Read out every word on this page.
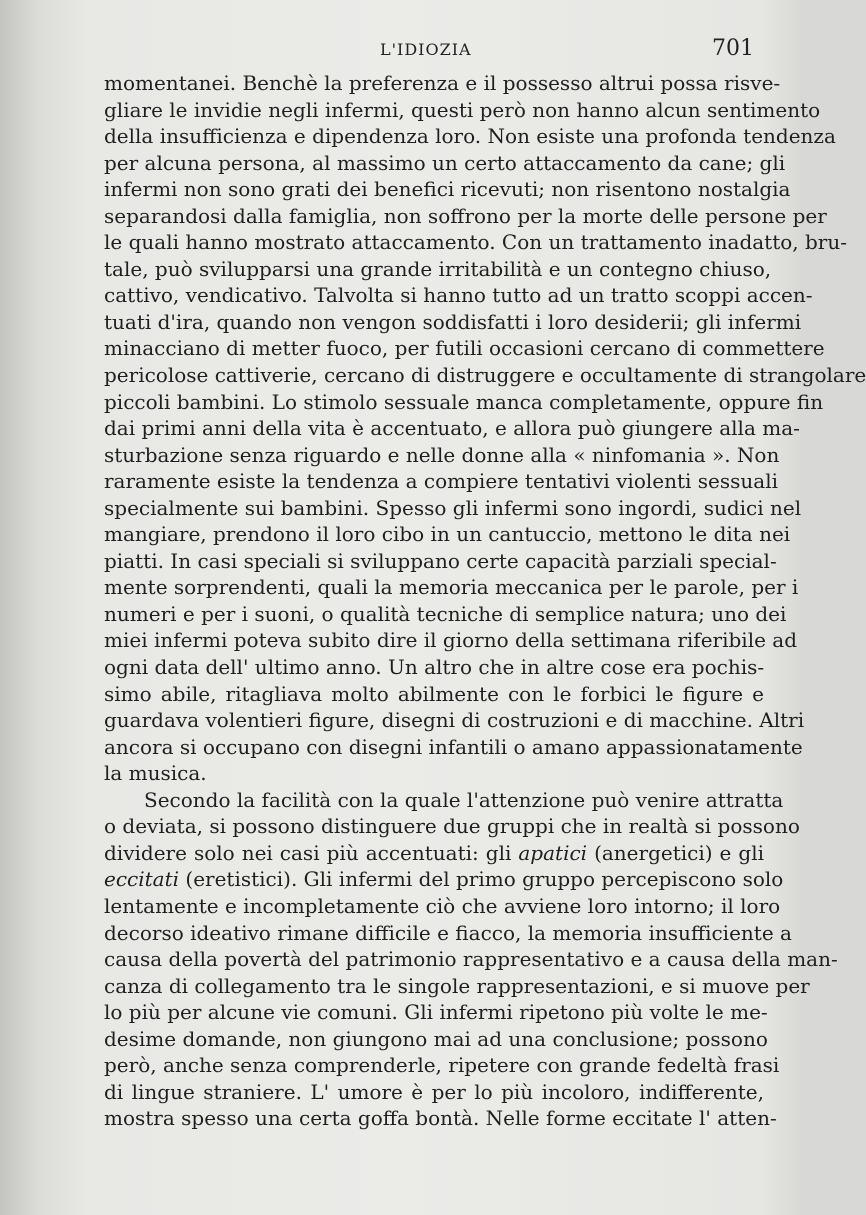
L'IDIOZIA	701
momentanei. Benchè la preferenza e il possesso altrui possa risve-
gliare le invidie negli infermi, questi però non hanno alcun sentimento
della insufficienza e dipendenza loro. Non esiste una profonda tendenza
per alcuna persona, al massimo un certo attaccamento da cane; gli
infermi non sono grati dei benefici ricevuti; non risentono nostalgia
separandosi dalla famiglia, non soffrono per la morte delle persone per
le quali hanno mostrato attaccamento. Con un trattamento inadatto, bru-
tale, può svilupparsi una grande irritabilità e un contegno chiuso,
cattivo, vendicativo. Talvolta si hanno tutto ad un tratto scoppi accen-
tuati d'ira, quando non vengon soddisfatti i loro desiderii; gli infermi
minacciano di metter fuoco, per futili occasioni cercano di commettere
pericolose cattiverie, cercano di distruggere e occultamente di strangolare
piccoli bambini. Lo stimolo sessuale manca completamente, oppure fin
dai primi anni della vita è accentuato, e allora può giungere alla ma-
sturbazione senza riguardo e nelle donne alla « ninfomania ». Non
raramente esiste la tendenza a compiere tentativi violenti sessuali
specialmente sui bambini. Spesso gli infermi sono ingordi, sudici nel
mangiare, prendono il loro cibo in un cantuccio, mettono le dita nei
piatti. In casi speciali si sviluppano certe capacità parziali special-
mente sorprendenti, quali la memoria meccanica per le parole, per i
numeri e per i suoni, o qualità tecniche di semplice natura; uno dei
miei infermi poteva subito dire il giorno della settimana riferibile ad
ogni data dell' ultimo anno. Un altro che in altre cose era pochis-
simo abile, ritagliava molto abilmente con le forbici le figure e
guardava volentieri figure, disegni di costruzioni e di macchine. Altri
ancora si occupano con disegni infantili o amano appassionatamente
la musica.
Secondo la facilità con la quale l'attenzione può venire attratta
o deviata, si possono distinguere due gruppi che in realtà si possono
dividere solo nei casi più accentuati: gli apatici (anergetici) e gli
eccitati (eretistici). Gli infermi del primo gruppo percepiscono solo
lentamente e incompletamente ciò che avviene loro intorno; il loro
decorso ideativo rimane difficile e fiacco, la memoria insufficiente a
causa della povertà del patrimonio rappresentativo e a causa della man-
canza di collegamento tra le singole rappresentazioni, e si muove per
lo più per alcune vie comuni. Gli infermi ripetono più volte le me-
desime domande, non giungono mai ad una conclusione; possono
però, anche senza comprenderle, ripetere con grande fedeltà frasi
di lingue straniere. L' umore è per lo più incoloro, indifferente,
mostra spesso una certa goffa bontà. Nelle forme eccitate l' atten-
